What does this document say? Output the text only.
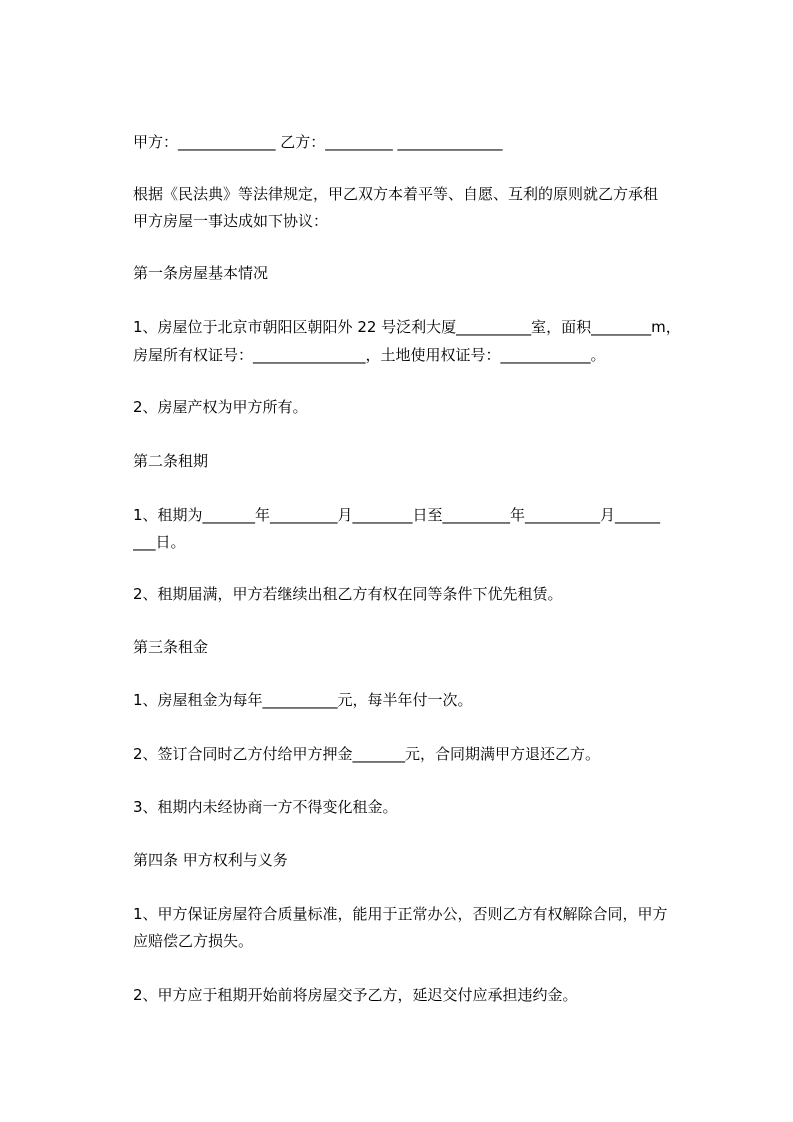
甲方：_____________ 乙方：_________ ______________
根据《民法典》等法律规定，甲乙双方本着平等、自愿、互利的原则就乙方承租
甲方房屋一事达成如下协议：
第一条房屋基本情况
1、房屋位于北京市朝阳区朝阳外 22 号泛利大厦__________室，面积________m，
房屋所有权证号：_______________，土地使用权证号：____________。
2、房屋产权为甲方所有。
第二条租期
1、租期为_______年_________月________日至_________年__________月______
___日。
2、租期届满，甲方若继续出租乙方有权在同等条件下优先租赁。
第三条租金
1、房屋租金为每年__________元，每半年付一次。
2、签订合同时乙方付给甲方押金_______元，合同期满甲方退还乙方。
3、租期内未经协商一方不得变化租金。
第四条 甲方权利与义务
1、甲方保证房屋符合质量标准，能用于正常办公，否则乙方有权解除合同，甲方
应赔偿乙方损失。
2、甲方应于租期开始前将房屋交予乙方，延迟交付应承担违约金。
